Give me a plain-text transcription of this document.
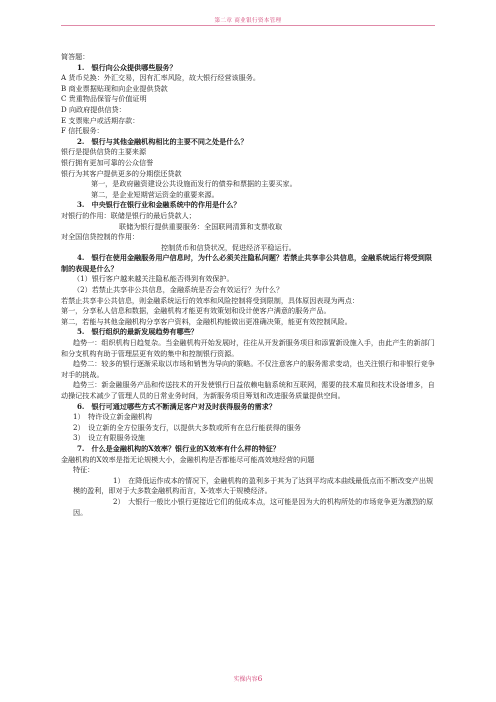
第二章 商业银行资本管理
简答题：
1.　银行向公众提供哪些服务？
A 货币兑换：外汇交易，因有汇率风险，故大银行经营该服务。
B 商业票据贴现和向企业提供贷款
C 贵重物品保管与价值证明
D 向政府提供信贷：
E 支票账户或活期存款：
F 信托服务：
2.　银行与其他金融机构相比的主要不同之处是什么？
银行是提供信贷的主要来源
银行拥有更加可靠的公众信誉
银行为其客户提供更多的分期偿还贷款
第一，是政府融资建设公共设施而发行的债券和票据的主要买家。
第二，是企业短期营运资金的重要来源。
3.　中央银行在银行业和金融系统中的作用是什么？
对银行的作用：联储是银行的最后贷款人；
联储为银行提供重要服务：全国联网清算和支票收取
对全国信贷控制的作用：
控制货币和信贷状况，促进经济平稳运行。
4.　银行在使用金融服务用户信息时，为什么必须关注隐私问题？若禁止共享非公共信息，金融系统运行将受到限制的表现是什么？
（1）银行客户越来越关注隐私能否得到有效保护。
（2）若禁止共享非公共信息，金融系统是否会有效运行？为什么？
若禁止共享非公共信息，则金融系统运行的效率和风险控制将受到限制，具体原因表现为两点：
第一，分享私人信息和数据，金融机构才能更有效策划和设计使客户满意的服务产品。
第二，若能与其他金融机构分享客户资料，金融机构能做出更准确决策，能更有效控制风险。
5.　银行组织的最新发展趋势有哪些？
趋势一：组织机构日趋复杂。当金融机构开始发展时，往往从开发新服务项目和添置新设施入手，由此产生的新部门和分支机构有助于管理层更有效的集中和控制银行资源。
趋势二：较多的银行逐渐采取以市场和销售为导向的策略。不仅注意客户的服务需求变动，也关注银行和非银行竞争对手的挑战。
趋势三：新金融服务产品和传送技术的开发使银行日益依赖电脑系统和互联网，需要的技术雇员和技术设备增多，自动操记技术减少了管理人员的日常业务时间，为新服务项目筹划和改进服务质量提供空间。
6.　银行可通过哪些方式不断满足客户对及时获得服务的需求？
1）　特许设立新金融机构
2）　设立新的全方位服务支行，以提供大多数或所有在总行能获得的服务
3）　设立有限服务设施
7.　什么是金融机构的X效率？银行业的X效率有什么样的特征？
金融机构的X效率是指无论规模大小，金融机构是否都能尽可能高效地经营的问题
特征：
1）　在降低运作成本的情况下，金融机构的盈利多于其为了达到平均成本曲线最低点而不断改变产出规模的盈利，即对于大多数金融机构而言，X-效率大于规模经济。
2）　大银行一般比小银行更接近它们的低成本点，这可能是因为大的机构所处的市场竞争更为激烈的原因。
实操内容6
